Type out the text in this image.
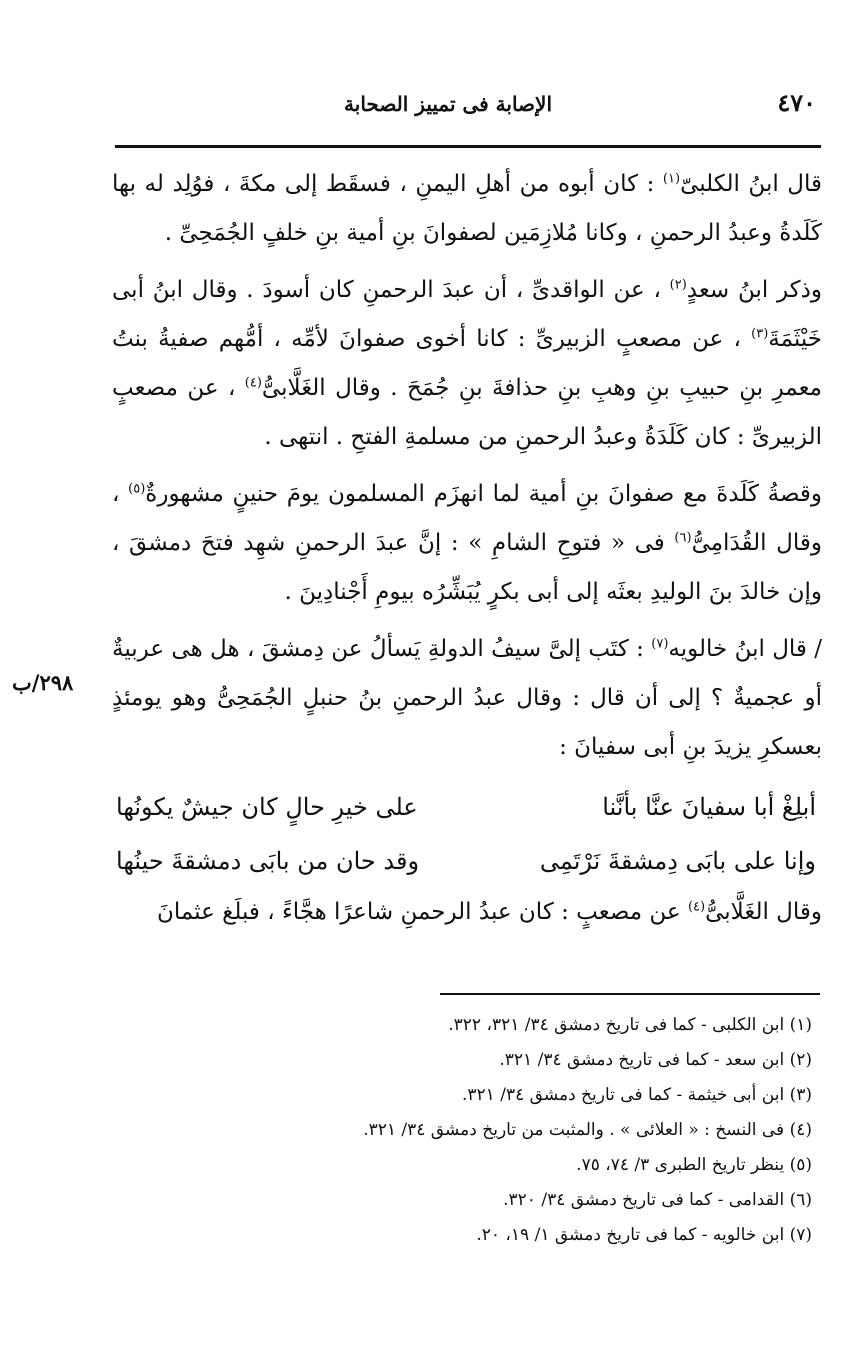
٤٧٠
الإصابة فى تمييز الصحابة
٢٩٨/ب
قال ابنُ الكلبىّ$^{(١)}$ : كان أبوه من أهلِ اليمنِ ، فسقَط إلى مكةَ ، فوُلِد له بها كَلَدةُ وعبدُ الرحمنِ ، وكانا مُلازِمَين لصفوانَ بنِ أمية بنِ خلفٍ الجُمَحِىِّ .
وذكر ابنُ سعدٍ$^{(٢)}$ ، عن الواقدىِّ ، أن عبدَ الرحمنِ كان أسودَ . وقال ابنُ أبى خَيْثَمَةَ$^{(٣)}$ ، عن مصعبٍ الزبيرىِّ : كانا أخوى صفوانَ لأمِّه ، أمُّهم صفيةُ بنتُ معمرِ بنِ حبيبِ بنِ وهبِ بنِ حذافةَ بنِ جُمَحَ . وقال الغَلَّابىُّ$^{(٤)}$ ، عن مصعبٍ الزبيرىِّ : كان كَلَدَةُ وعبدُ الرحمنِ من مسلمةِ الفتحِ . انتهى .
وقصةُ كَلَدةَ مع صفوانَ بنِ أمية لما انهزَم المسلمون يومَ حنينٍ مشهورةٌ$^{(٥)}$ ، وقال القُدَامِىُّ$^{(٦)}$ فى « فتوحِ الشامِ » : إنَّ عبدَ الرحمنِ شهِد فتحَ دمشقَ ، وإن خالدَ بنَ الوليدِ بعثَه إلى أبى بكرٍ يُبَشِّرُه بيومِ أَجْنادِينَ .
/ قال ابنُ خالويه$^{(٧)}$ : كتَب إلىَّ سيفُ الدولةِ يَسألُ عن دِمشقَ ، هل هى عربيةٌ أو عجميةٌ ؟ إلى أن قال : وقال عبدُ الرحمنِ بنُ حنبلٍ الجُمَحِىُّ وهو يومئذٍ بعسكرِ يزيدَ بنِ أبى سفيانَ :
أبلِغْ أبا سفيانَ عنَّا بأنَّنا
على خيرِ حالٍ كان جيشٌ يكونُها
وإنا على بابَى دِمشقةَ نَرْتَمِى
وقد حان من بابَى دمشقةَ حينُها
وقال الغَلَّابىُّ$^{(٤)}$ عن مصعبٍ : كان عبدُ الرحمنِ شاعرًا هجَّاءً ، فبلَغ عثمانَ
(١) ابن الكلبى - كما فى تاريخ دمشق ٣٤/ ٣٢١، ٣٢٢.
(٢) ابن سعد - كما فى تاريخ دمشق ٣٤/ ٣٢١.
(٣) ابن أبى خيثمة - كما فى تاريخ دمشق ٣٤/ ٣٢١.
(٤) فى النسخ : « العلائى » . والمثبت من تاريخ دمشق ٣٤/ ٣٢١.
(٥) ينظر تاريخ الطبرى ٣/ ٧٤، ٧٥.
(٦) القدامى - كما فى تاريخ دمشق ٣٤/ ٣٢٠.
(٧) ابن خالويه - كما فى تاريخ دمشق ١/ ١٩، ٢٠.
